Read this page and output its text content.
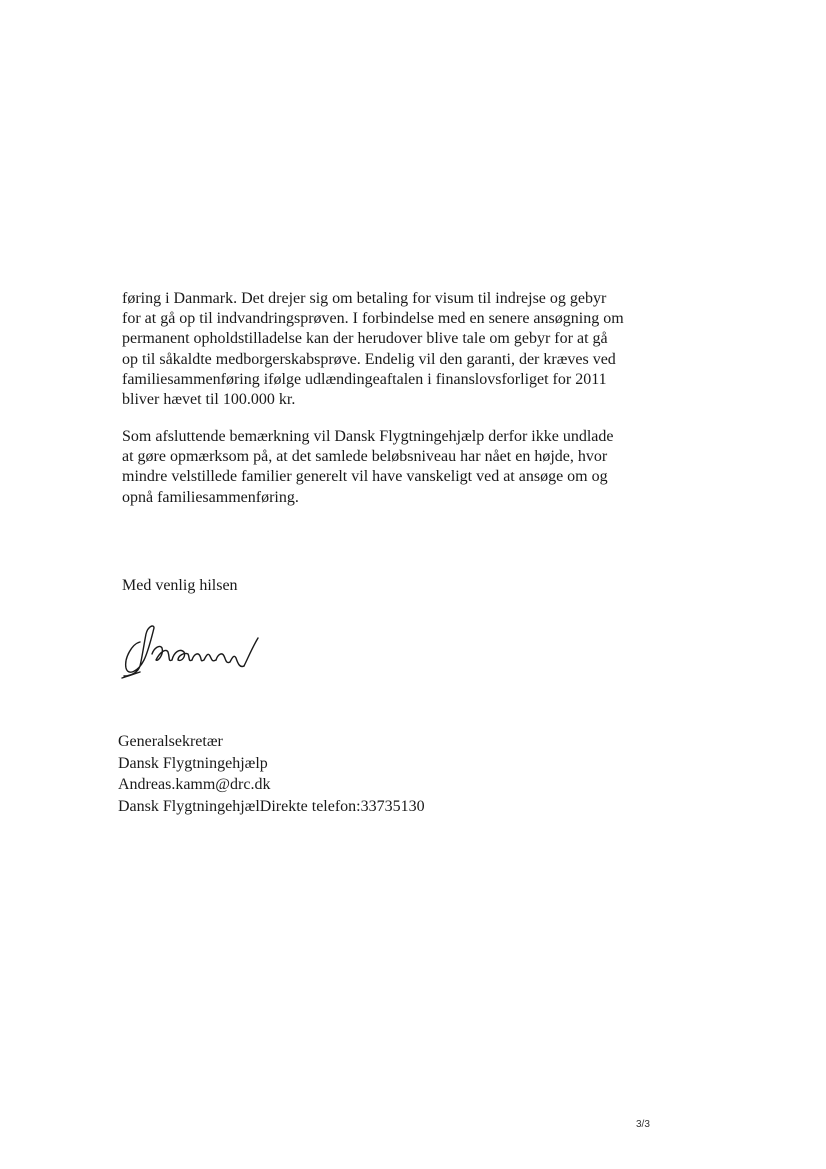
føring i Danmark. Det drejer sig om betaling for visum til indrejse og gebyr
for at gå op til indvandringsprøven. I forbindelse med en senere ansøgning om
permanent opholdstilladelse kan der herudover blive tale om gebyr for at gå
op til såkaldte medborgerskabsprøve. Endelig vil den garanti, der kræves ved
familiesammenføring ifølge udlændingeaftalen i finanslovsforliget for 2011
bliver hævet til 100.000 kr.
Som afsluttende bemærkning vil Dansk Flygtningehjælp derfor ikke undlade
at gøre opmærksom på, at det samlede beløbsniveau har nået en højde, hvor
mindre velstillede familier generelt vil have vanskeligt ved at ansøge om og
opnå familiesammenføring.
Med venlig hilsen
Generalsekretær
Dansk Flygtningehjælp
Andreas.kamm@drc.dk
Dansk FlygtningehjælDirekte telefon:33735130
3/3
